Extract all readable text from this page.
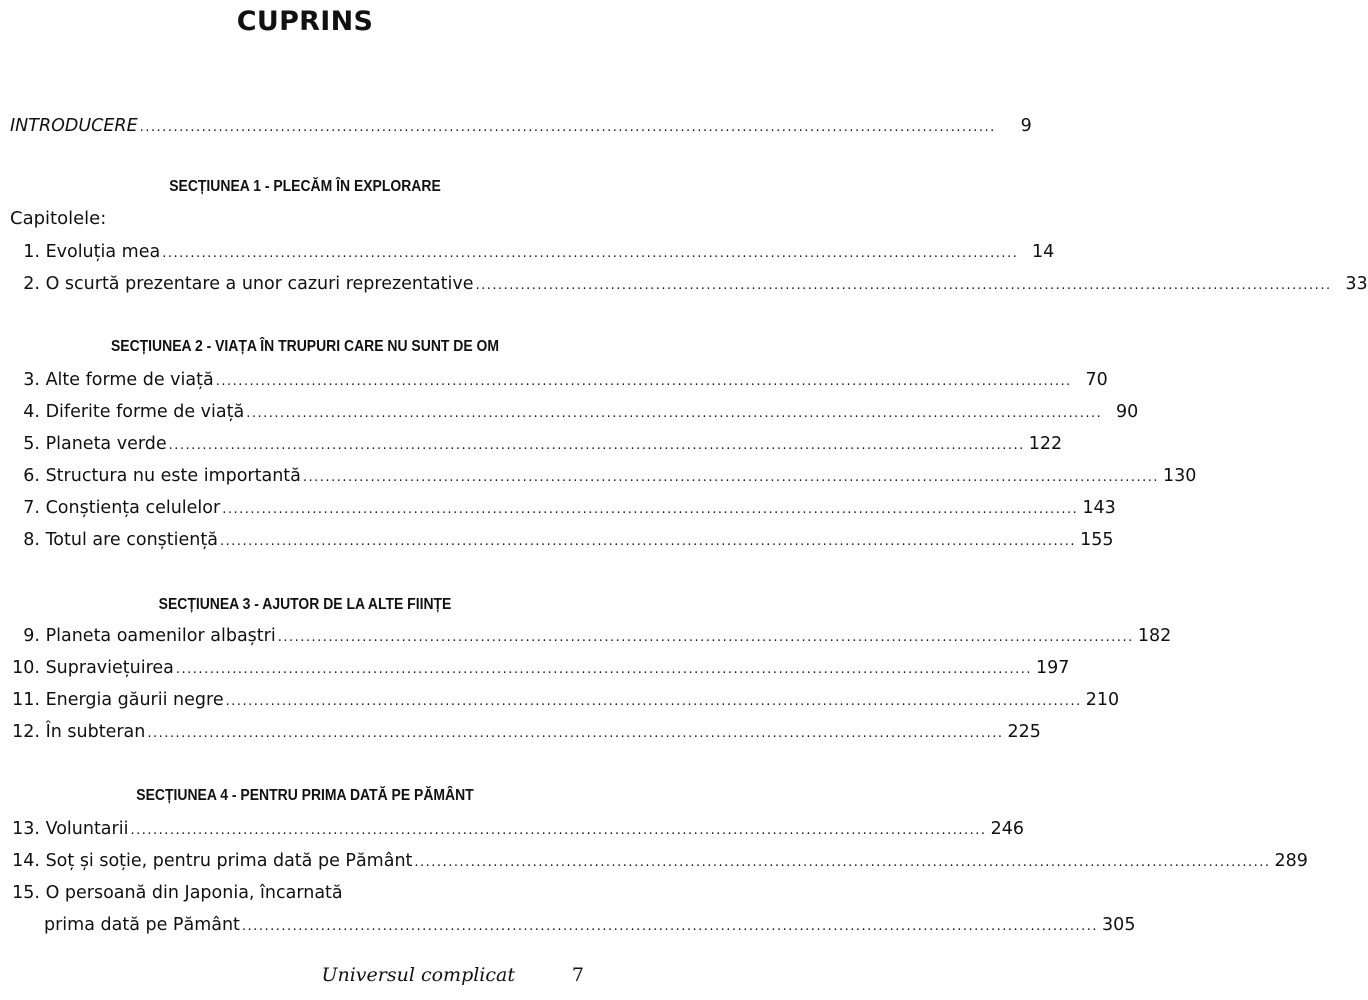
CUPRINS
INTRODUCERE ........................................................................................................................................................	9
SECȚIUNEA 1 - PLECĂM ÎN EXPLORARE
Capitolele:
1. Evoluția mea ........................................................................................................................................................ 14
2. O scurtă prezentare a unor cazuri reprezentative ........................................................................................................................................................ 33
SECȚIUNEA 2 - VIAȚA ÎN TRUPURI CARE NU SUNT DE OM
3. Alte forme de viață ........................................................................................................................................................ 70
4. Diferite forme de viață ........................................................................................................................................................ 90
5. Planeta verde ........................................................................................................................................................ 122
6. Structura nu este importantă ........................................................................................................................................................ 130
7. Conștiența celulelor ........................................................................................................................................................ 143
8. Totul are conștiență ........................................................................................................................................................ 155
SECȚIUNEA 3 - AJUTOR DE LA ALTE FIINȚE
9. Planeta oamenilor albaștri ........................................................................................................................................................ 182
10. Supraviețuirea ........................................................................................................................................................ 197
11. Energia găurii negre ........................................................................................................................................................ 210
12. În subteran ........................................................................................................................................................ 225
SECȚIUNEA 4 - PENTRU PRIMA DATĂ PE PĂMÂNT
13. Voluntarii ........................................................................................................................................................ 246
14. Soț și soție, pentru prima dată pe Pământ ........................................................................................................................................................ 289
15. O persoană din Japonia, încarnată
prima dată pe Pământ ........................................................................................................................................................ 305
Universul complicat	7
